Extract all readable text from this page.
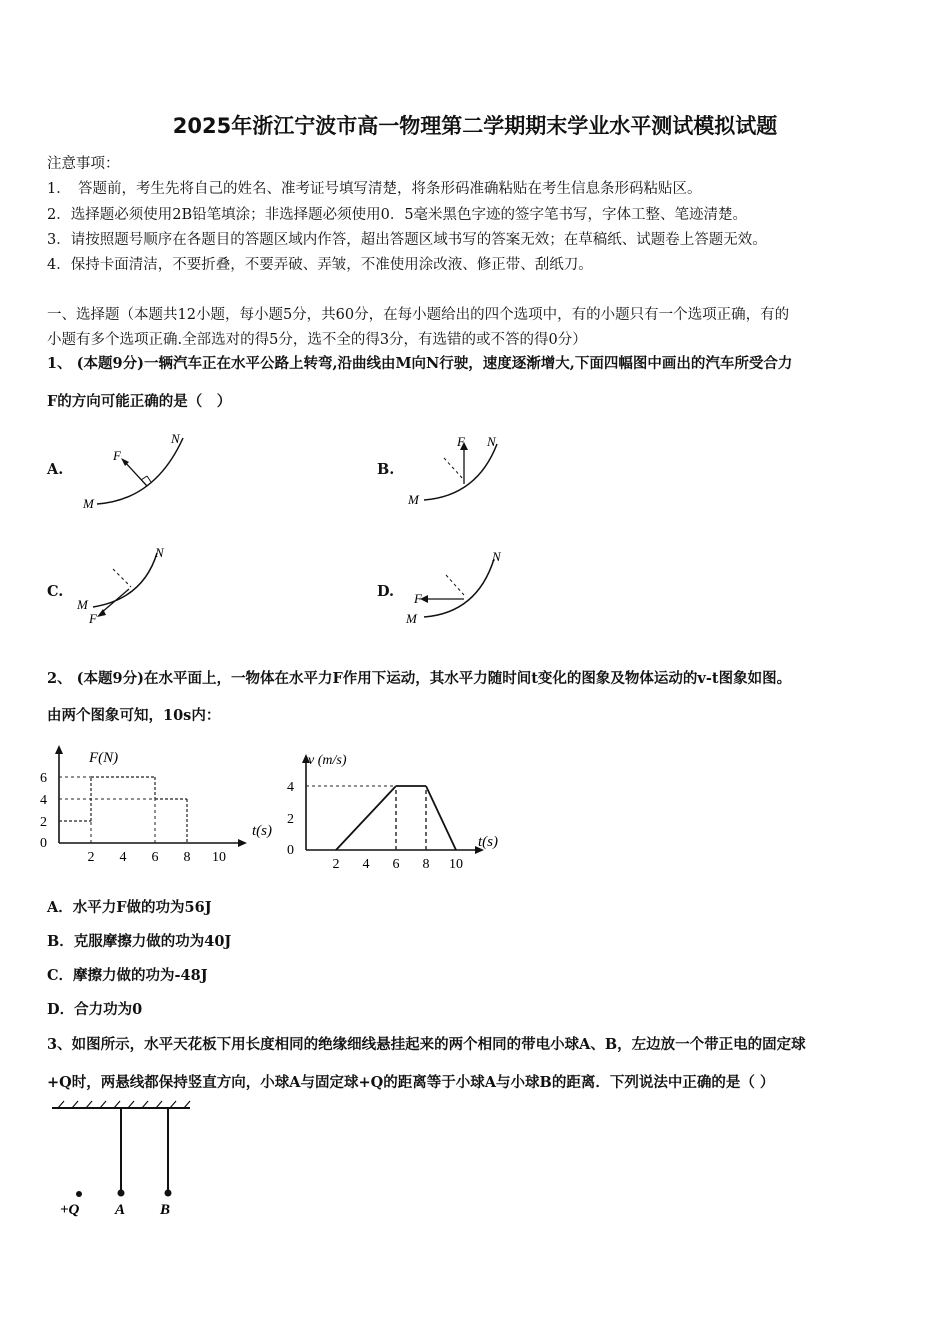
2025年浙江宁波市高一物理第二学期期末学业水平测试模拟试题
注意事项：
1．　答题前，考生先将自己的姓名、准考证号填写清楚，将条形码准确粘贴在考生信息条形码粘贴区。
2．选择题必须使用2B铅笔填涂；非选择题必须使用0．5毫米黑色字迹的签字笔书写，字体工整、笔迹清楚。
3．请按照题号顺序在各题目的答题区域内作答，超出答题区域书写的答案无效；在草稿纸、试题卷上答题无效。
4．保持卡面清洁，不要折叠，不要弄破、弄皱，不准使用涂改液、修正带、刮纸刀。
一、选择题（本题共12小题，每小题5分，共60分，在每小题给出的四个选项中，有的小题只有一个选项正确，有的
小题有多个选项正确.全部选对的得5分，选不全的得3分，有选错的或不答的得0分）
1、 (本题9分)一辆汽车正在水平公路上转弯,沿曲线由M向N行驶，速度逐渐增大,下面四幅图中画出的汽车所受合力
F的方向可能正确的是（　）
A.	B.
C.	D.
F
N
M
F N
M
N
M
F
N
F
M
2、 (本题9分)在水平面上，一物体在水平力F作用下运动，其水平力随时间t变化的图象及物体运动的v-t图象如图。
由两个图象可知，10s内：
2 4 6 8 10
6
4
2
0
F(N)
t(s)
2 4 6 8 10
4
2
0
v (m/s)
t(s)
A．水平力F做的功为56J
B．克服摩擦力做的功为40J
C．摩擦力做的功为-48J
D．合力功为0
3、如图所示，水平天花板下用长度相同的绝缘细线悬挂起来的两个相同的带电小球A、B，左边放一个带正电的固定球
+Q时，两悬线都保持竖直方向，小球A与固定球+Q的距离等于小球A与小球B的距离．下列说法中正确的是（ ）
+Q A B
